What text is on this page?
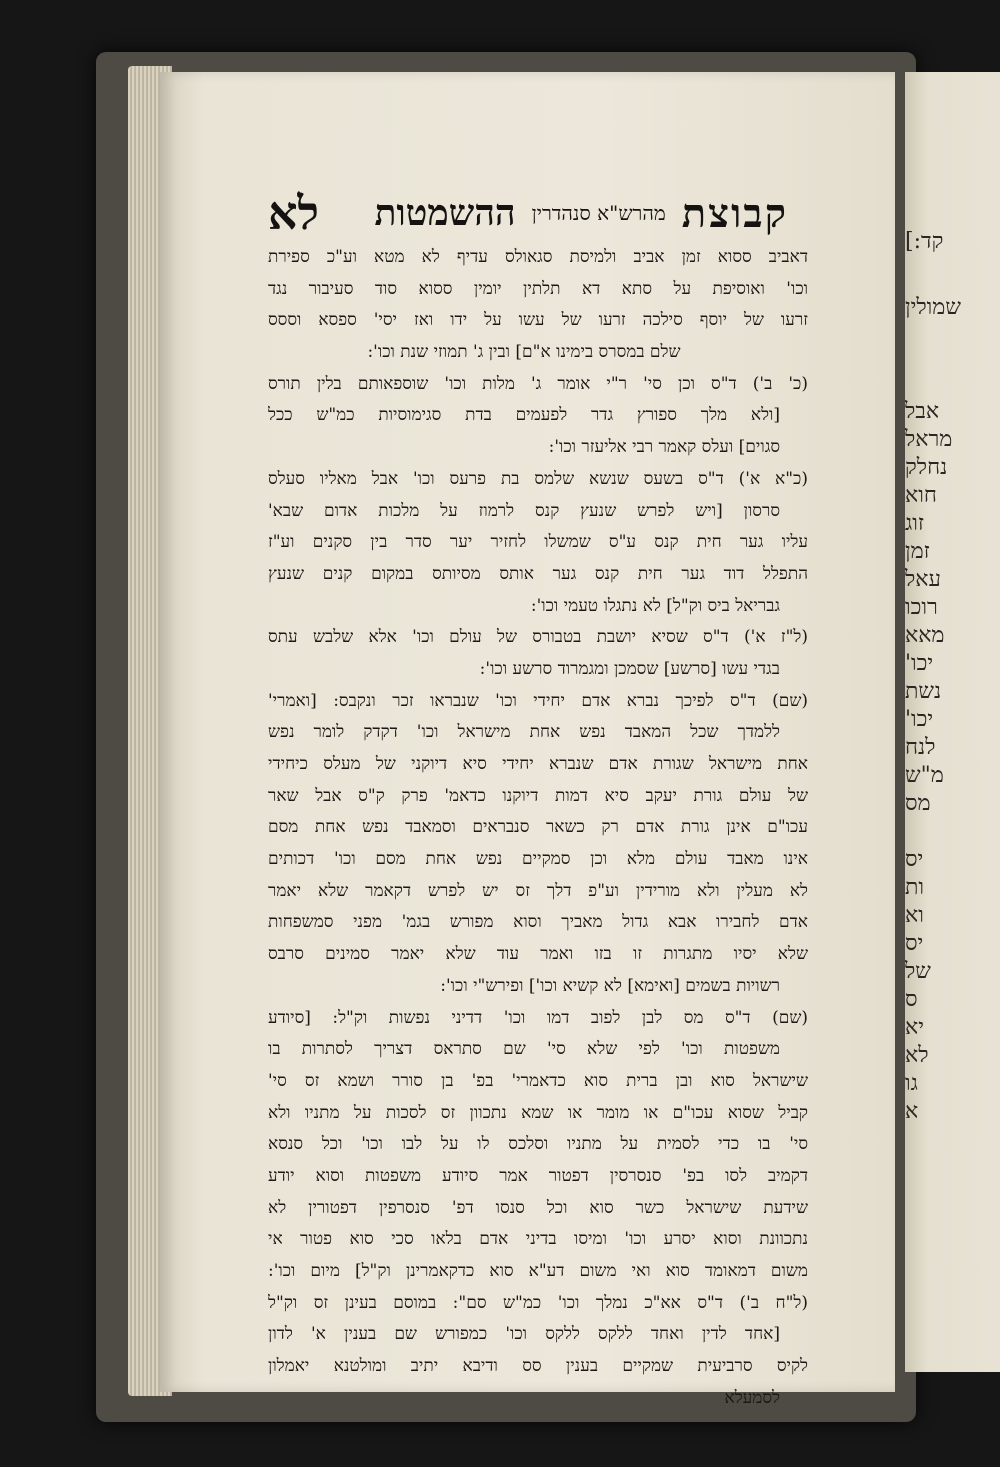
קבוצת
מהרש"א סנהדרין
ההשמטות
לא
דאביב ססוא זמן אביב ולמיסת סגאולס עדיף לא מטא וע"כ ספירת
וכו' ואוסיפת על סתא דא תלתין יומין ססוא סוד סעיבור נגד
זרעו של יוסף סילכה זרעו של עשו על ידו ואז יסי' ספסא וססס
שלם במסרס בימינו א"ם] ובין ג' תמוזי שנת וכו':
(כ' ב') ד"ס וכן סי' ר"י אומר ג' מלות וכו' שוספאותם בלין תורס
[ולא מלך ספורץ גדר לפעמים בדת סגימוסיות כמ"ש ככל
סגוים] ועלס קאמר רבי אליעזר וכו':
(כ"א א') ד"ס בשעס שנשא שלמס בת פרעס וכו' אבל מאליו סעלס
סרסון [ויש לפרש שנעץ קנס לרמוז על מלכות אדום שבא'
עליו גער חית קנס ע"ס שמשלו לחזיר יער סדר בין סקנים וע"ז
התפלל דוד גער חית קנס גער אותס מסיותס במקום קנים שנעץ
גבריאל ביס וק"ל] לא נתגלו טעמי וכו':
(ל"ז א') ד"ס שסיא יושבת בטבורס של עולם וכו' אלא שלבש עתס
בגדי עשו [סרשע] שסמכן ומגמרוד סרשע וכו':
(שם) ד"ס לפיכך נברא אדם יחידי וכו' שנבראו זכר ונקבס: [ואמרי'
ללמדך שכל המאבד נפש אחת מישראל וכו' דקדק לומר נפש
אחת מישראל שגורת אדם שנברא יחידי סיא דיוקני של מעלס כיחידי
של עולם גורת יעקב סיא דמות דיוקנו כדאמ' פרק ק"ס אבל שאר
עכו"ם אינן גורת אדם רק כשאר סנבראים וסמאבד נפש אחת מסם
אינו מאבד עולם מלא וכן סמקיים נפש אחת מסם וכו' דכותים
לא מעלין ולא מורידין וע"פ דלך זס יש לפרש דקאמר שלא יאמר
אדם לחבירו אבא גדול מאביך וסוא מפורש בגמ' מפני סמשפחות
שלא יסיו מתגרות זו בזו ואמר עוד שלא יאמר סמינים סרבס
רשויות בשמים [ואימא] לא קשיא וכו'] ופירש"י וכו':
(שם) ד"ס מס לבן לפוב דמו וכו' דדיני נפשות וק"ל: [סיודע
משפטות וכו' לפי שלא סי' שם סתראס דצריך לסתרות בו
שישראל סוא ובן ברית סוא כדאמרי' בפ' בן סורר ושמא זס סי'
קביל שסוא עכו"ם או מומר או שמא נתכוון זס לסכות על מתניו ולא
סי' בו כדי לסמית על מתניו וסלכס לו על לבו וכו' וכל סנסא
דקמיב לסו בפ' סנסרסין דפטור אמר סיודע משפטות וסוא יודע
שידעת שישראל כשר סוא וכל סנסו דפ' סנסרפין דפטורין לא
נתכוונת וסוא יסרע וכו' ומיסו בדיני אדם בלאו סכי סוא פטור אי
משום דמאומד סוא ואי משום דע"א סוא כדקאמרינן וק"ל] מיום וכו':
(ל"ח ב') ד"ס אא"כ נמלך וכו' כמ"ש סם": במוסם בעינן זס וק"ל
[אחד לדין ואחד ללקס ללקס וכו' כמפורש שם בענין א' לדון
לקיס סרביעית שמקיים בענין סס ודיבא יתיב ומולטנא יאמלון
לסמעלא
קד:]
שמולין
אבל
מראל
נחלק
חוא
זוג
זמן
עאל
רוכו
מאא
יכו'
נשת
יכו'
לנח
מ"ש
מס
יס
ות
וא
יס
של
ס
יא
לא
גו
א
